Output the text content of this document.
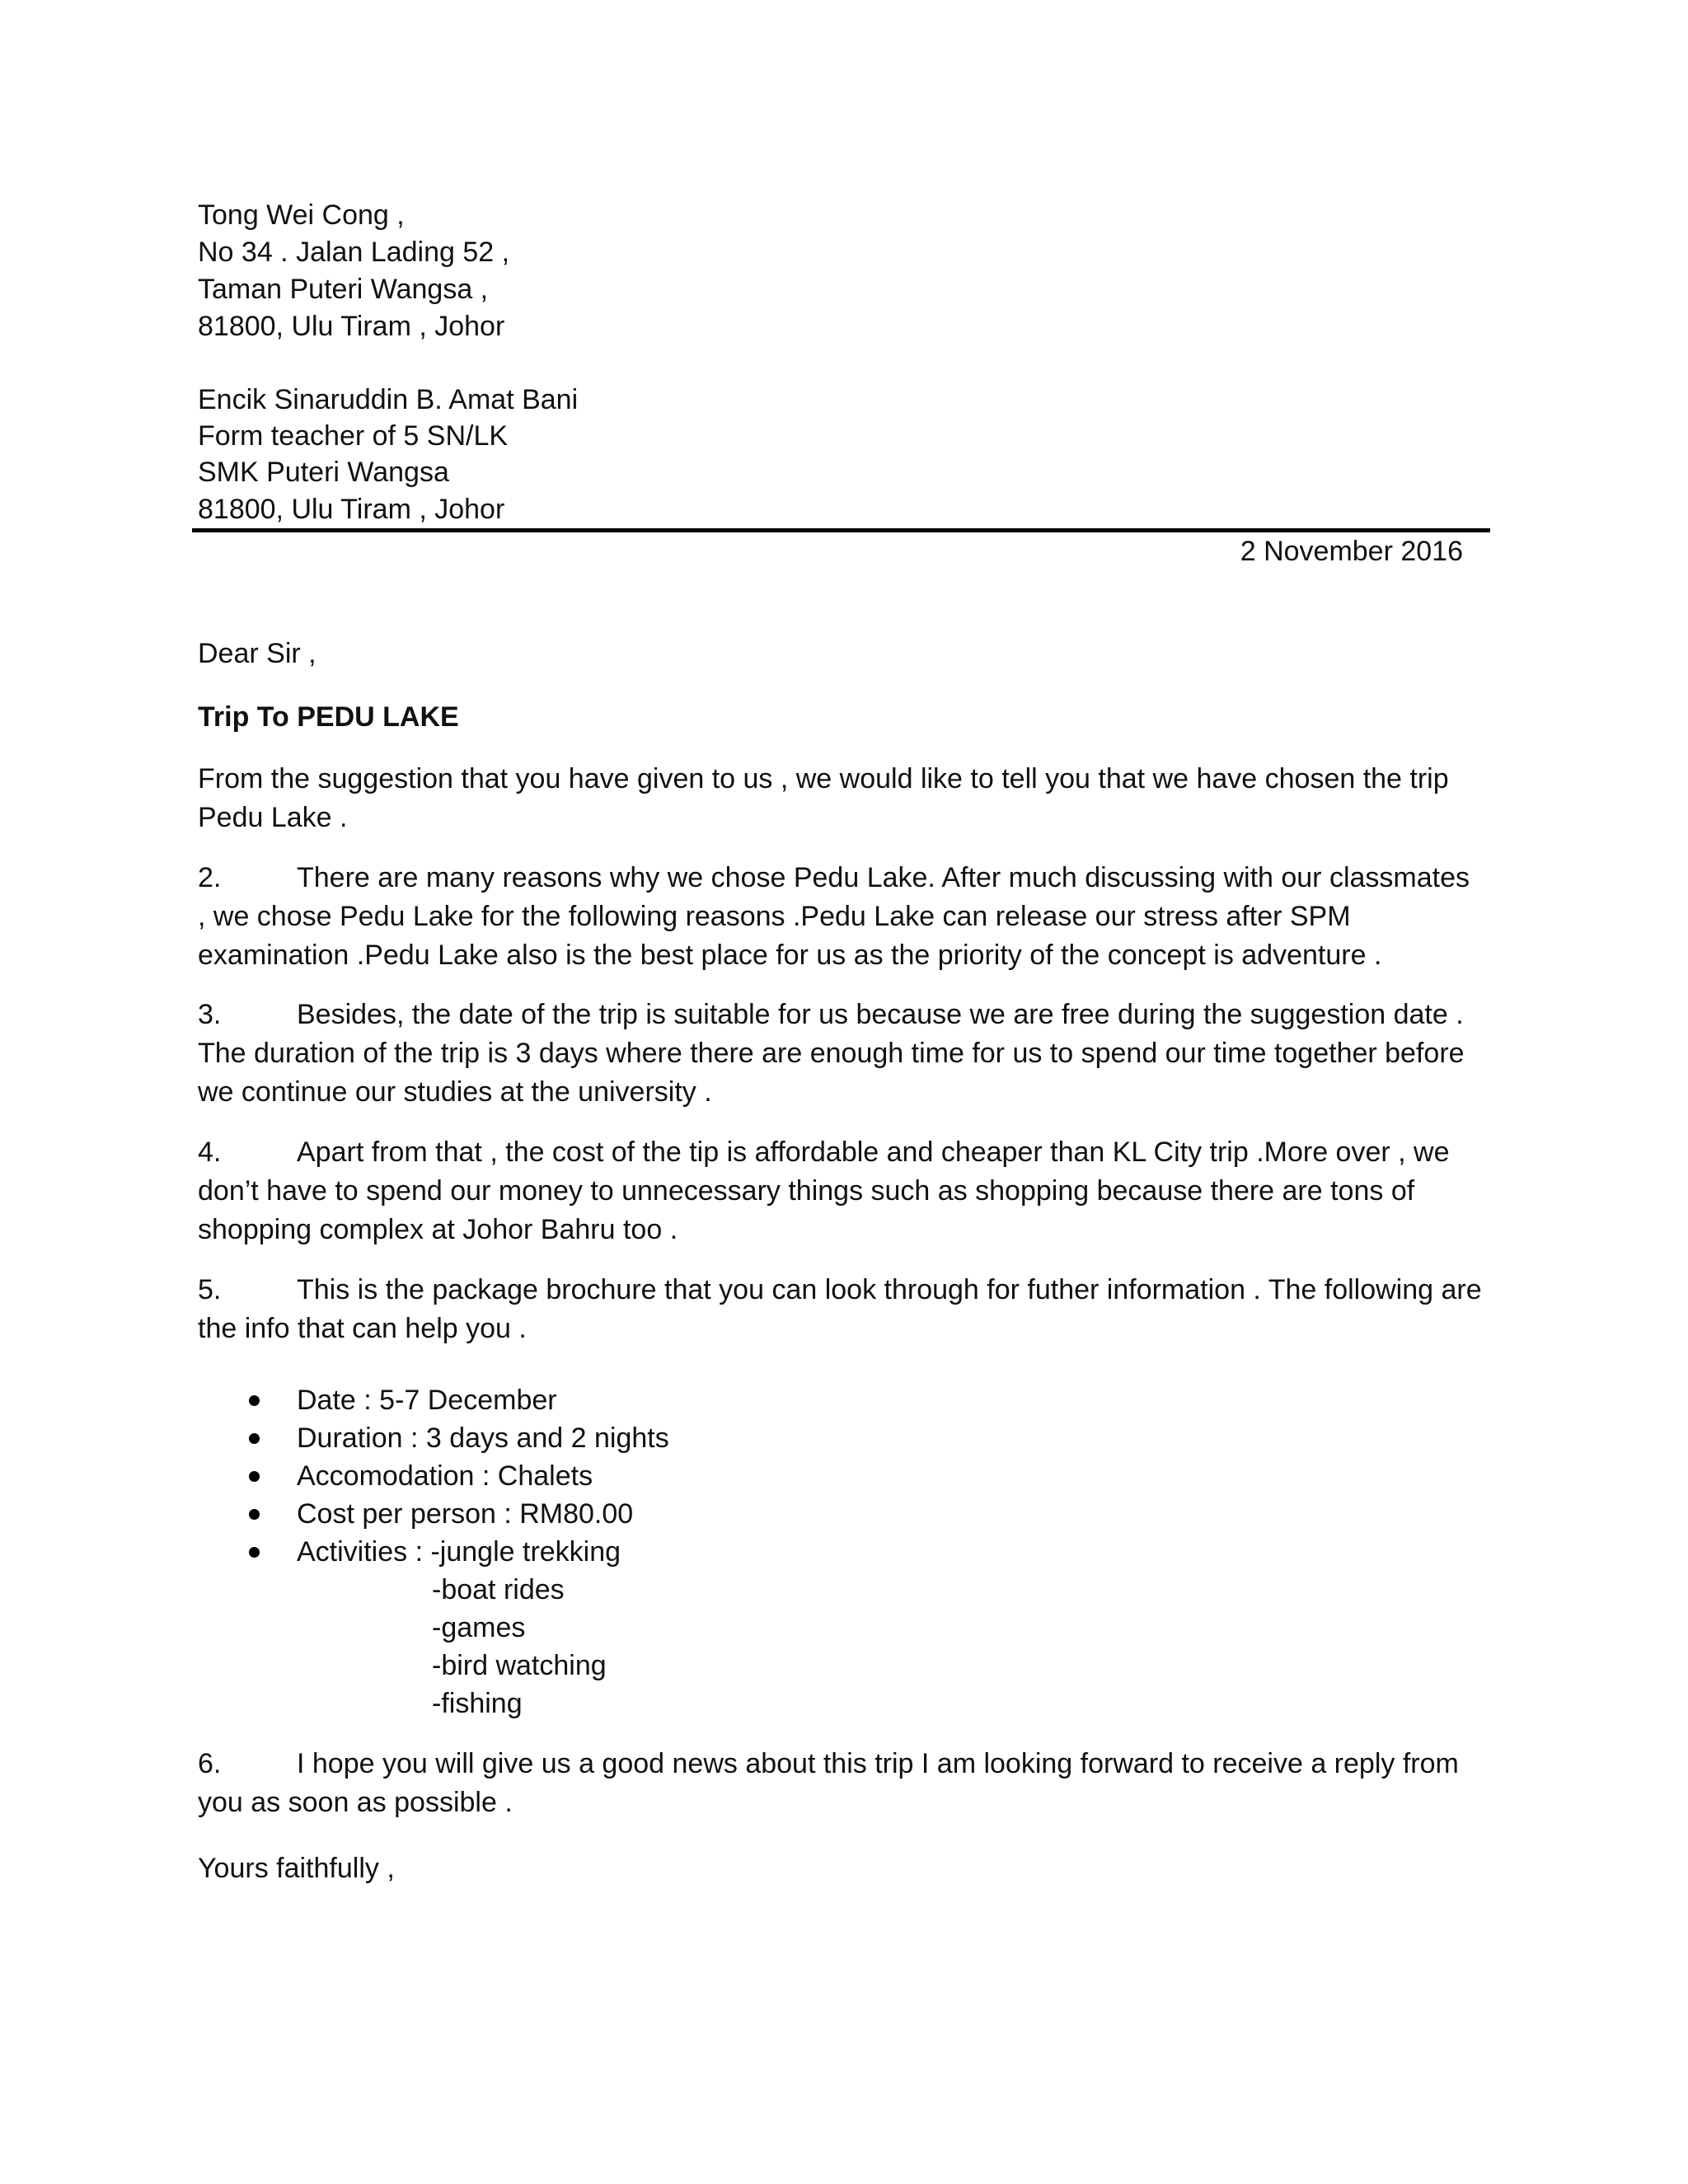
Tong Wei Cong ,
No 34 . Jalan Lading 52 ,
Taman Puteri Wangsa ,
81800, Ulu Tiram , Johor
Encik Sinaruddin B. Amat Bani
Form teacher of 5 SN/LK
SMK Puteri Wangsa
81800, Ulu Tiram , Johor
2 November 2016
Dear Sir ,
Trip To PEDU LAKE
From the suggestion that you have given to us , we would like to tell you that we have chosen the trip Pedu Lake .
2.	There are many reasons why we chose Pedu Lake. After much discussing with our classmates , we chose Pedu Lake for the following reasons .Pedu Lake can release our stress after SPM examination .Pedu Lake also is the best place for us as the priority of the concept is adventure .
3.	Besides, the date of the trip is suitable for us because we are free during the suggestion date . The duration of the trip is 3 days where there are enough time for us to spend our time together before we continue our studies at the university .
4.	Apart from that , the cost of the tip is affordable and cheaper than KL City trip .More over , we don’t have to spend our money to unnecessary things such as shopping because there are tons of shopping complex at Johor Bahru too .
5.	This is the package brochure that you can look through for futher information . The following are the info that can help you .
Date : 5-7 December
Duration : 3 days and 2 nights
Accomodation : Chalets
Cost per person : RM80.00
Activities : -jungle trekking
-boat rides
-games
-bird watching
-fishing
6.	I hope you will give us a good news about this trip I am looking forward to receive a reply from you as soon as possible .
Yours faithfully ,
